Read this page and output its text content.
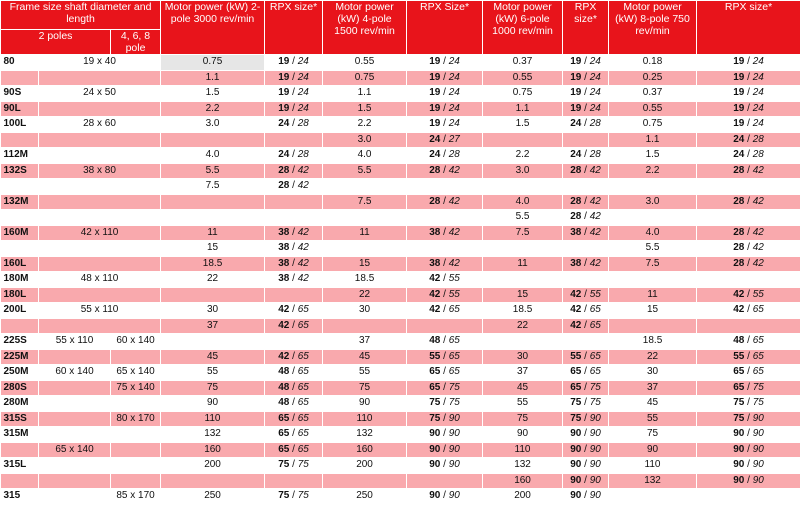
Frame size shaft diameter and length			Motor power (kW) 2-pole 3000 rev/min	RPX size*	Motor power (kW) 4-pole 1500 rev/min	RPX Size*	Motor power (kW) 6-pole 1000 rev/min	RPX size*	Motor power (kW) 8-pole 750 rev/min	RPX size*
2 poles		4, 6, 8 pole								
80	19 x 40		0.75	19 / 24	0.55	19 / 24	0.37	19 / 24	0.18	19 / 24
			1.1	19 / 24	0.75	19 / 24	0.55	19 / 24	0.25	19 / 24
90S	24 x 50		1.5	19 / 24	1.1	19 / 24	0.75	19 / 24	0.37	19 / 24
90L			2.2	19 / 24	1.5	19 / 24	1.1	19 / 24	0.55	19 / 24
100L	28 x 60		3.0	24 / 28	2.2	19 / 24	1.5	24 / 28	0.75	19 / 24
					3.0	24 / 27			1.1	24 / 28
112M			4.0	24 / 28	4.0	24 / 28	2.2	24 / 28	1.5	24 / 28
132S	38 x 80		5.5	28 / 42	5.5	28 / 42	3.0	28 / 42	2.2	28 / 42
			7.5	28 / 42						
132M					7.5	28 / 42	4.0	28 / 42	3.0	28 / 42
							5.5	28 / 42		
160M	42 x 110		11	38 / 42	11	38 / 42	7.5	38 / 42	4.0	28 / 42
			15	38 / 42					5.5	28 / 42
160L			18.5	38 / 42	15	38 / 42	11	38 / 42	7.5	28 / 42
180M	48 x 110		22	38 / 42	18.5	42 / 55				
180L					22	42 / 55	15	42 / 55	11	42 / 55
200L	55 x 110		30	42 / 65	30	42 / 65	18.5	42 / 65	15	42 / 65
			37	42 / 65			22	42 / 65		
225S	55 x 110	60 x 140			37	48 / 65			18.5	48 / 65
225M			45	42 / 65	45	55 / 65	30	55 / 65	22	55 / 65
250M	60 x 140	65 x 140	55	48 / 65	55	65 / 65	37	65 / 65	30	65 / 65
280S		75 x 140	75	48 / 65	75	65 / 75	45	65 / 75	37	65 / 75
280M			90	48 / 65	90	75 / 75	55	75 / 75	45	75 / 75
315S		80 x 170	110	65 / 65	110	75 / 90	75	75 / 90	55	75 / 90
315M			132	65 / 65	132	90 / 90	90	90 / 90	75	90 / 90
	65 x 140		160	65 / 65	160	90 / 90	110	90 / 90	90	90 / 90
315L			200	75 / 75	200	90 / 90	132	90 / 90	110	90 / 90
							160	90 / 90	132	90 / 90
315		85 x 170	250	75 / 75	250	90 / 90	200	90 / 90		
